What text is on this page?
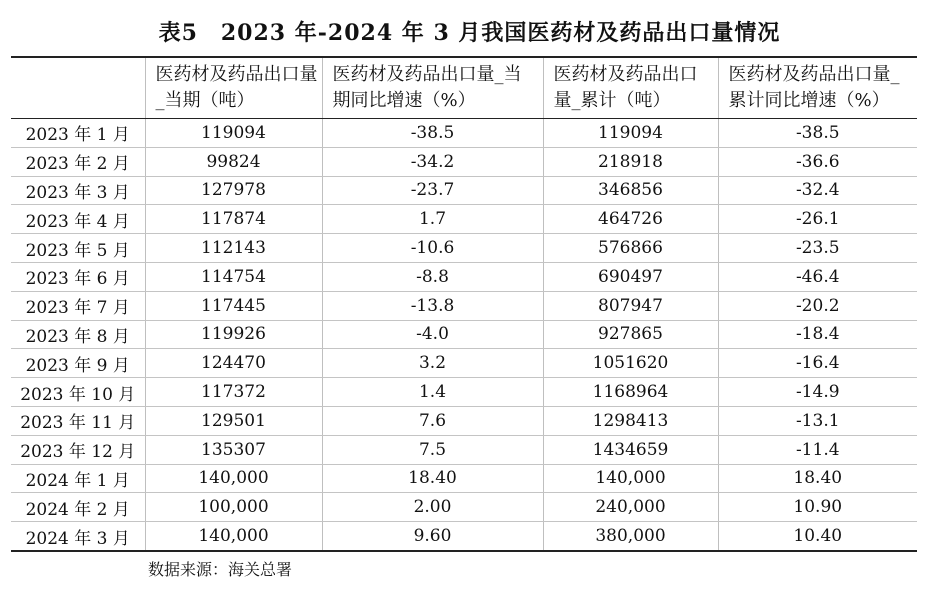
表5　2023 年-2024 年 3 月我国医药材及药品出口量情况

	医药材及药品出口量_当期（吨）	医药材及药品出口量_当期同比增速（%）	医药材及药品出口量_累计（吨）	医药材及药品出口量_累计同比增速（%）

2023 年 1 月	119094	-38.5	119094	-38.5
2023 年 2 月	99824	-34.2	218918	-36.6
2023 年 3 月	127978	-23.7	346856	-32.4
2023 年 4 月	117874	1.7	464726	-26.1
2023 年 5 月	112143	-10.6	576866	-23.5
2023 年 6 月	114754	-8.8	690497	-46.4
2023 年 7 月	117445	-13.8	807947	-20.2
2023 年 8 月	119926	-4.0	927865	-18.4
2023 年 9 月	124470	3.2	1051620	-16.4
2023 年 10 月	117372	1.4	1168964	-14.9
2023 年 11 月	129501	7.6	1298413	-13.1
2023 年 12 月	135307	7.5	1434659	-11.4
2024 年 1 月	140,000	18.40	140,000	18.40
2024 年 2 月	100,000	2.00	240,000	10.90
2024 年 3 月	140,000	9.60	380,000	10.40
数据来源：海关总署
